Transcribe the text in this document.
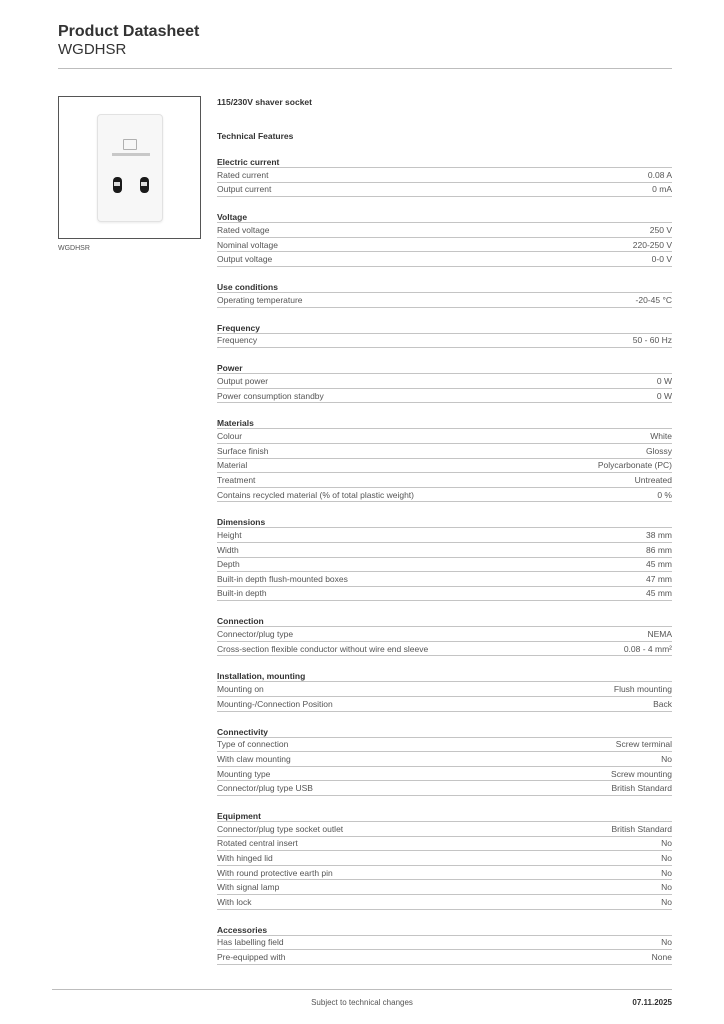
Product Datasheet
WGDHSR
WGDHSR
115/230V shaver socket
Technical Features
Electric current
Rated current	0.08 A
Output current	0 mA
Voltage
Rated voltage	250 V
Nominal voltage	220-250 V
Output voltage	0-0 V
Use conditions
Operating temperature	-20-45 °C
Frequency
Frequency	50 - 60 Hz
Power
Output power	0 W
Power consumption standby	0 W
Materials
Colour	White
Surface finish	Glossy
Material	Polycarbonate (PC)
Treatment	Untreated
Contains recycled material (% of total plastic weight)	0 %
Dimensions
Height	38 mm
Width	86 mm
Depth	45 mm
Built-in depth flush-mounted boxes	47 mm
Built-in depth	45 mm
Connection
Connector/plug type	NEMA
Cross-section flexible conductor without wire end sleeve	0.08 - 4 mm²
Installation, mounting
Mounting on	Flush mounting
Mounting-/Connection Position	Back
Connectivity
Type of connection	Screw terminal
With claw mounting	No
Mounting type	Screw mounting
Connector/plug type USB	British Standard
Equipment
Connector/plug type socket outlet	British Standard
Rotated central insert	No
With hinged lid	No
With round protective earth pin	No
With signal lamp	No
With lock	No
Accessories
Has labelling field	No
Pre-equipped with	None
Subject to technical changes	07.11.2025
